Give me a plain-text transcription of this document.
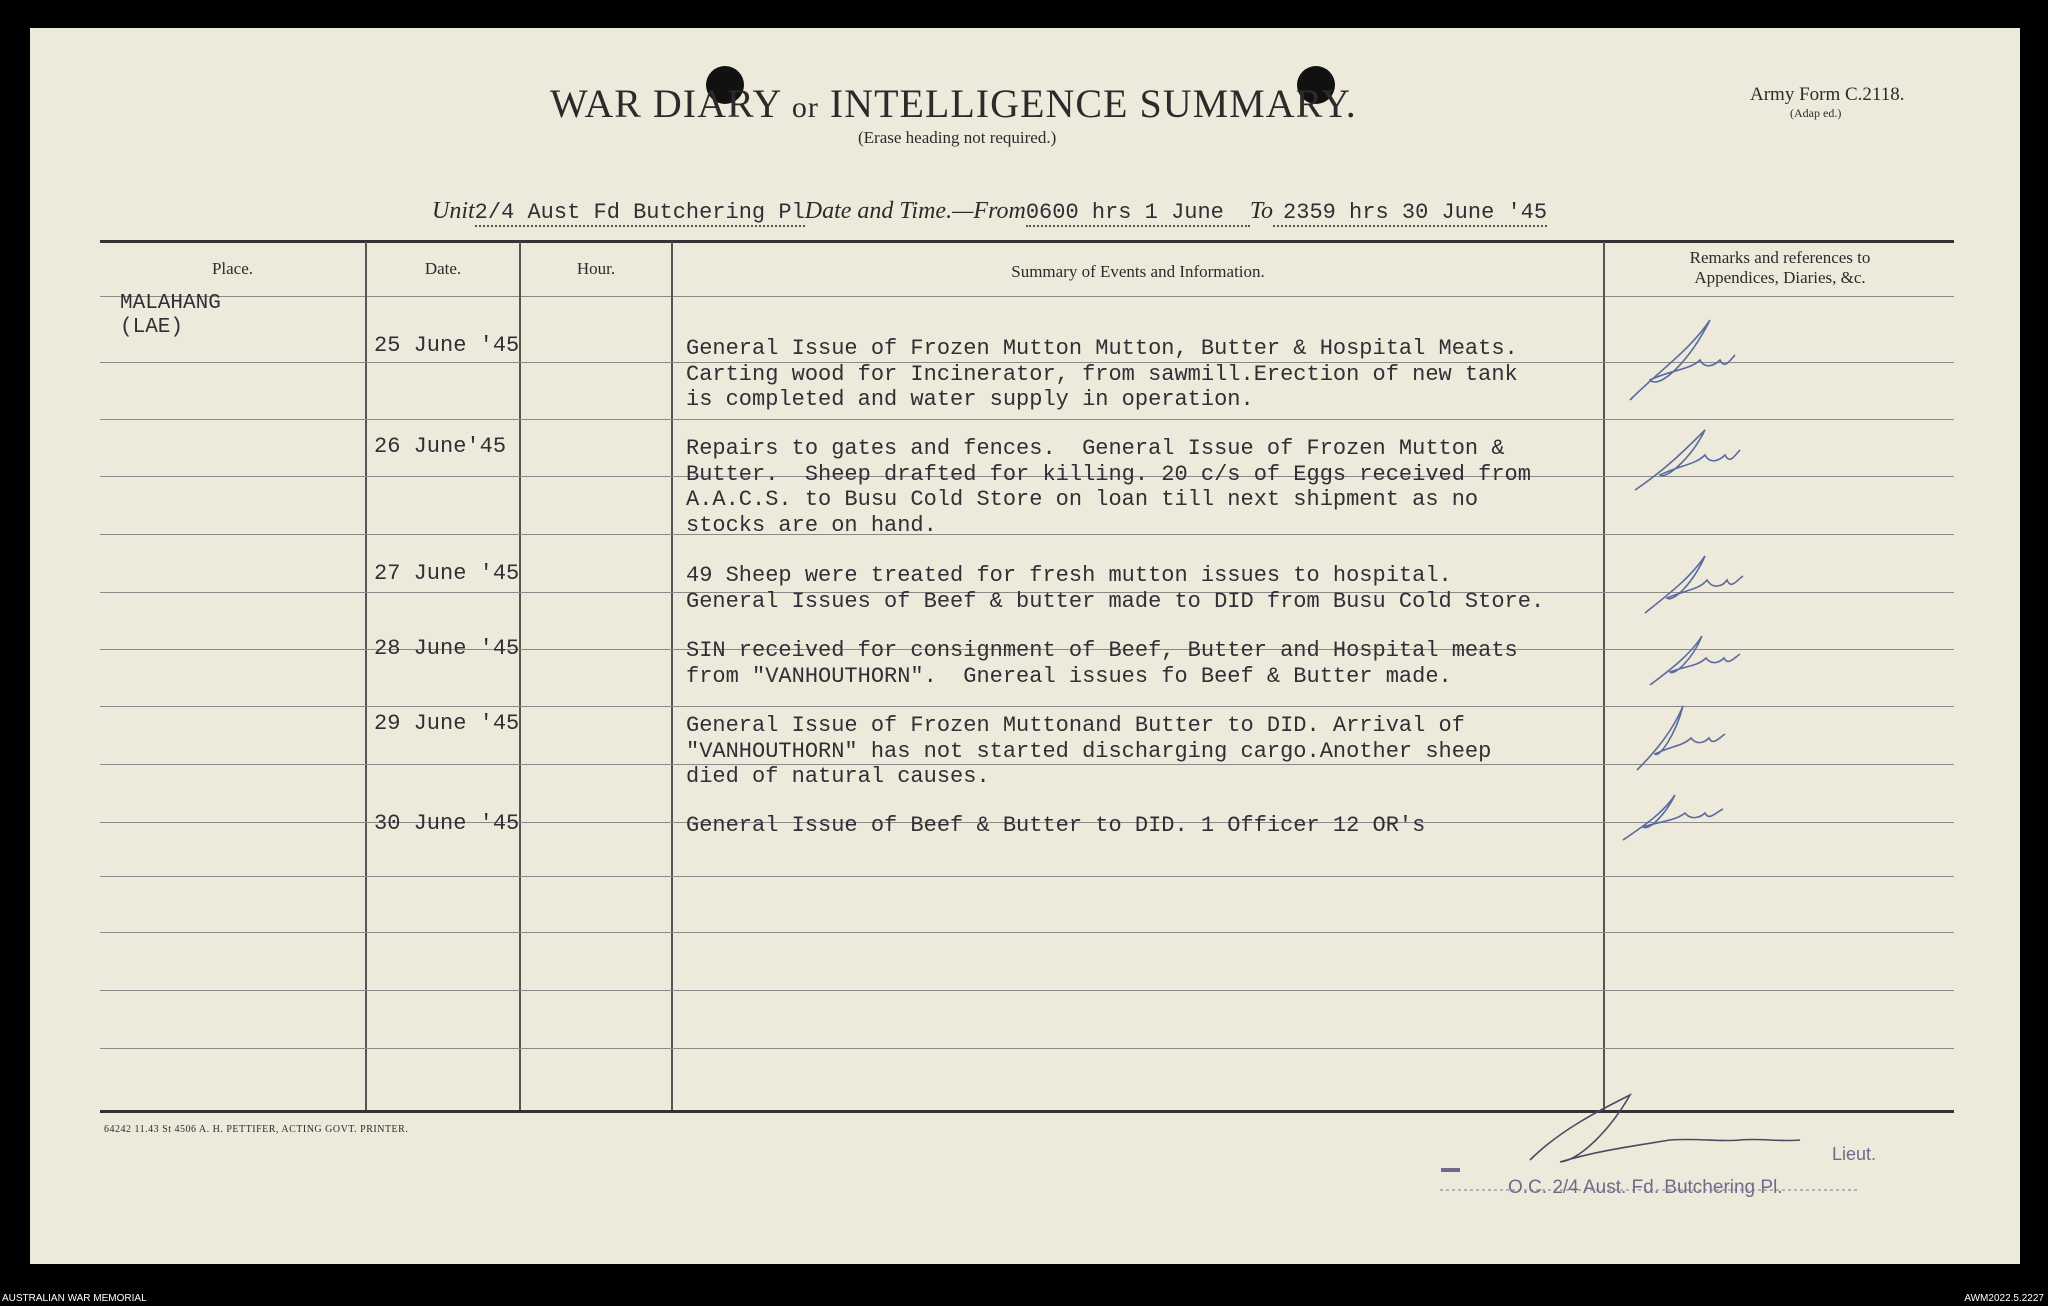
WAR DIARY or INTELLIGENCE SUMMARY.
(Erase heading not required.)
Army Form C.2118.
(Adap ed.)
Unit2/4 Aust Fd Butchering PlDate and Time.—From0600 hrs 1 June To 2359 hrs 30 June '45
Place.	Date.	Hour.	Summary of Events and Information.
Remarks and references to
Appendices, Diaries, &c.
MALAHANG
(LAE)
25 June '45	General Issue of Frozen Mutton Mutton, Butter & Hospital Meats.
Carting wood for Incinerator, from sawmill.Erection of new tank
is completed and water supply in operation.
26 June'45	Repairs to gates and fences.  General Issue of Frozen Mutton &
Butter.  Sheep drafted for killing. 20 c/s of Eggs received from
A.A.C.S. to Busu Cold Store on loan till next shipment as no
stocks are on hand.
27 June '45	49 Sheep were treated for fresh mutton issues to hospital.
General Issues of Beef & butter made to DID from Busu Cold Store.
28 June '45	SIN received for consignment of Beef, Butter and Hospital meats
from "VANHOUTHORN".  Gnereal issues fo Beef & Butter made.
29 June '45	General Issue of Frozen Muttonand Butter to DID. Arrival of
"VANHOUTHORN" has not started discharging cargo.Another sheep
died of natural causes.
30 June '45	General Issue of Beef & Butter to DID. 1 Officer 12 OR's
64242 11.43 St 4506 A. H. PETTIFER, ACTING GOVT. PRINTER.
Lieut.
O.C. 2/4 Aust. Fd. Butchering Pl.
AUSTRALIAN WAR MEMORIAL	AWM2022.5.2227
